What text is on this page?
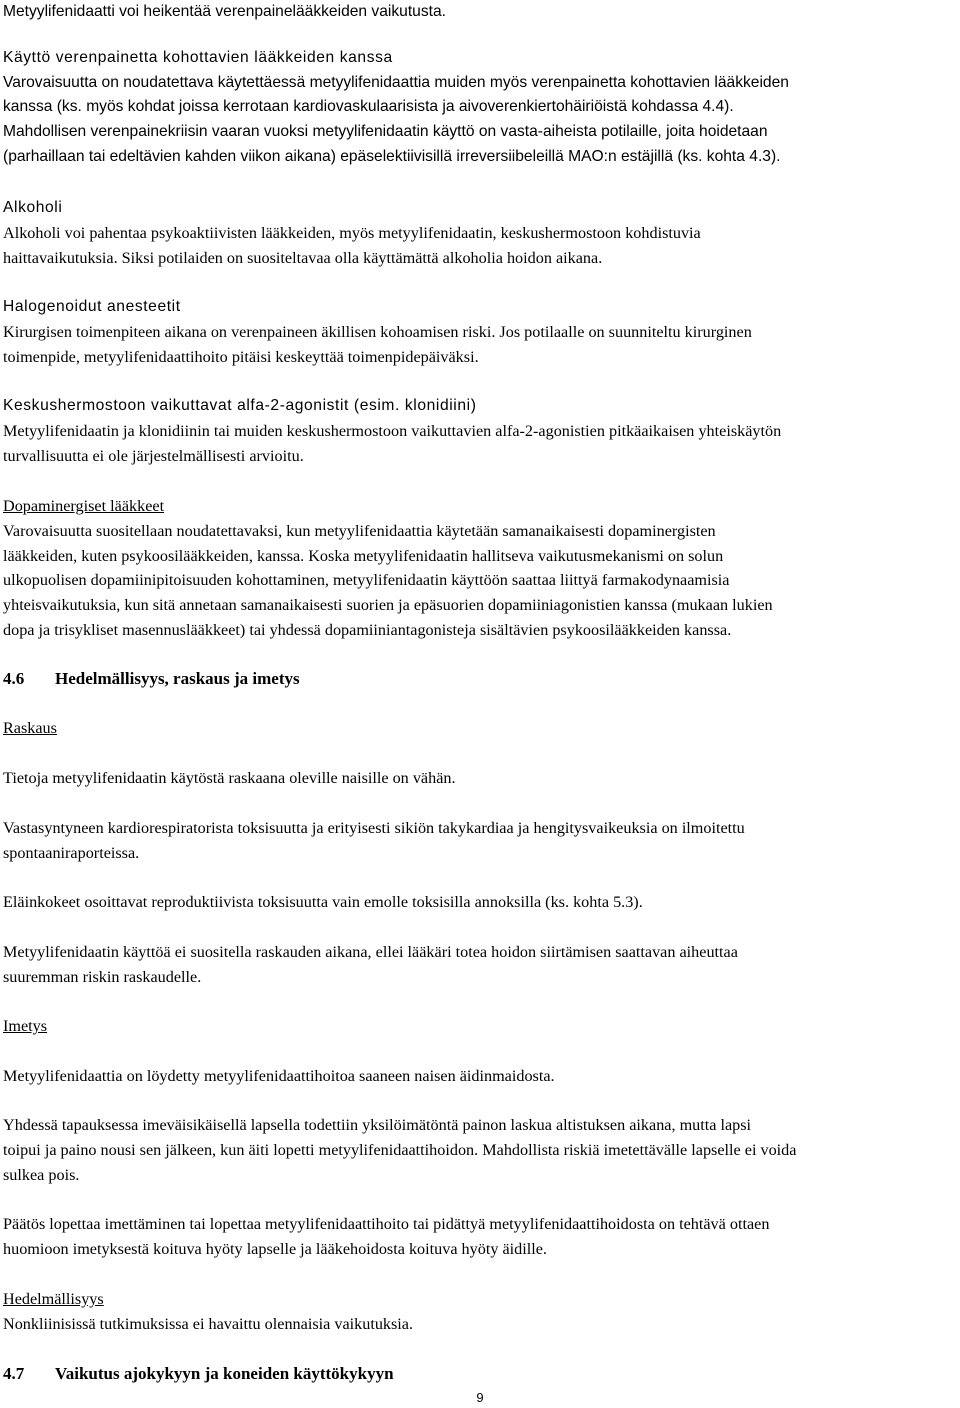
Metyylifenidaatti voi heikentää verenpainelääkkeiden vaikutusta.

Käyttö verenpainetta kohottavien lääkkeiden kanssa

Varovaisuutta on noudatettava käytettäessä metyylifenidaattia muiden myös verenpainetta kohottavien lääkkeiden

kanssa (ks. myös kohdat joissa kerrotaan kardiovaskulaarisista ja aivoverenkiertohäiriöistä kohdassa 4.4).

Mahdollisen verenpainekriisin vaaran vuoksi metyylifenidaatin käyttö on vasta-aiheista potilaille, joita hoidetaan

(parhaillaan tai edeltävien kahden viikon aikana) epäselektiivisillä irreversiibeleillä MAO:n estäjillä (ks. kohta 4.3).

Alkoholi

Alkoholi voi pahentaa psykoaktiivisten lääkkeiden, myös metyylifenidaatin, keskushermostoon kohdistuvia

haittavaikutuksia. Siksi potilaiden on suositeltavaa olla käyttämättä alkoholia hoidon aikana.

Halogenoidut anesteetit

Kirurgisen toimenpiteen aikana on verenpaineen äkillisen kohoamisen riski. Jos potilaalle on suunniteltu kirurginen

toimenpide, metyylifenidaattihoito pitäisi keskeyttää toimenpidepäiväksi.

Keskushermostoon vaikuttavat alfa-2-agonistit (esim. klonidiini)

Metyylifenidaatin ja klonidiinin tai muiden keskushermostoon vaikuttavien alfa-2-agonistien pitkäaikaisen yhteiskäytön

turvallisuutta ei ole järjestelmällisesti arvioitu.

Dopaminergiset lääkkeet

Varovaisuutta suositellaan noudatettavaksi, kun metyylifenidaattia käytetään samanaikaisesti dopaminergisten

lääkkeiden, kuten psykoosilääkkeiden, kanssa. Koska metyylifenidaatin hallitseva vaikutusmekanismi on solun

ulkopuolisen dopamiinipitoisuuden kohottaminen, metyylifenidaatin käyttöön saattaa liittyä farmakodynaamisia

yhteisvaikutuksia, kun sitä annetaan samanaikaisesti suorien ja epäsuorien dopamiiniagonistien kanssa (mukaan lukien

dopa ja trisykliset masennuslääkkeet) tai yhdessä dopamiiniantagonisteja sisältävien psykoosilääkkeiden kanssa.

4.6 Hedelmällisyys, raskaus ja imetys

Raskaus

Tietoja metyylifenidaatin käytöstä raskaana oleville naisille on vähän.

Vastasyntyneen kardiorespiratorista toksisuutta ja erityisesti sikiön takykardiaa ja hengitysvaikeuksia on ilmoitettu

spontaaniraporteissa.

Eläinkokeet osoittavat reproduktiivista toksisuutta vain emolle toksisilla annoksilla (ks. kohta 5.3).

Metyylifenidaatin käyttöä ei suositella raskauden aikana, ellei lääkäri totea hoidon siirtämisen saattavan aiheuttaa

suuremman riskin raskaudelle.

Imetys

Metyylifenidaattia on löydetty metyylifenidaattihoitoa saaneen naisen äidinmaidosta.

Yhdessä tapauksessa imeväisikäisellä lapsella todettiin yksilöimätöntä painon laskua altistuksen aikana, mutta lapsi

toipui ja paino nousi sen jälkeen, kun äiti lopetti metyylifenidaattihoidon. Mahdollista riskiä imetettävälle lapselle ei voida

sulkea pois.

Päätös lopettaa imettäminen tai lopettaa metyylifenidaattihoito tai pidättyä metyylifenidaattihoidosta on tehtävä ottaen

huomioon imetyksestä koituva hyöty lapselle ja lääkehoidosta koituva hyöty äidille.

Hedelmällisyys

Nonkliinisissä tutkimuksissa ei havaittu olennaisia vaikutuksia.

4.7 Vaikutus ajokykyyn ja koneiden käyttökykyyn

9
